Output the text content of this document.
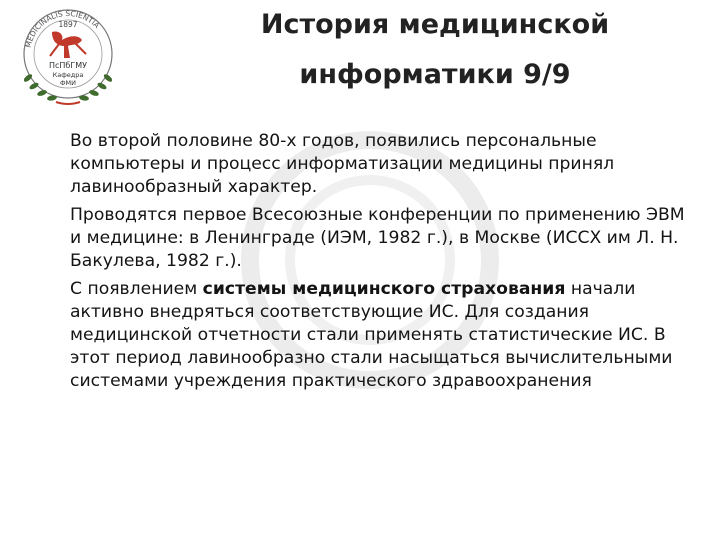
MEDICINALIS SCIENTIA
1897
ПсПбГМУ
Кафедра
ФМИ
История медицинской
информатики 9/9

Во второй половине 80-х годов, появились персональные компьютеры и процесс информатизации медицины принял лавинообразный характер.

Проводятся первое Всесоюзные конференции по применению ЭВМ и медицине: в Ленинграде (ИЭМ, 1982 г.), в Москве (ИССХ им Л. Н. Бакулева, 1982 г.).

С появлением системы медицинского страхования начали активно внедряться соответствующие ИС. Для создания медицинской отчетности стали применять статистические ИС. В этот период лавинообразно стали насыщаться вычислительными системами учреждения практического здравоохранения
